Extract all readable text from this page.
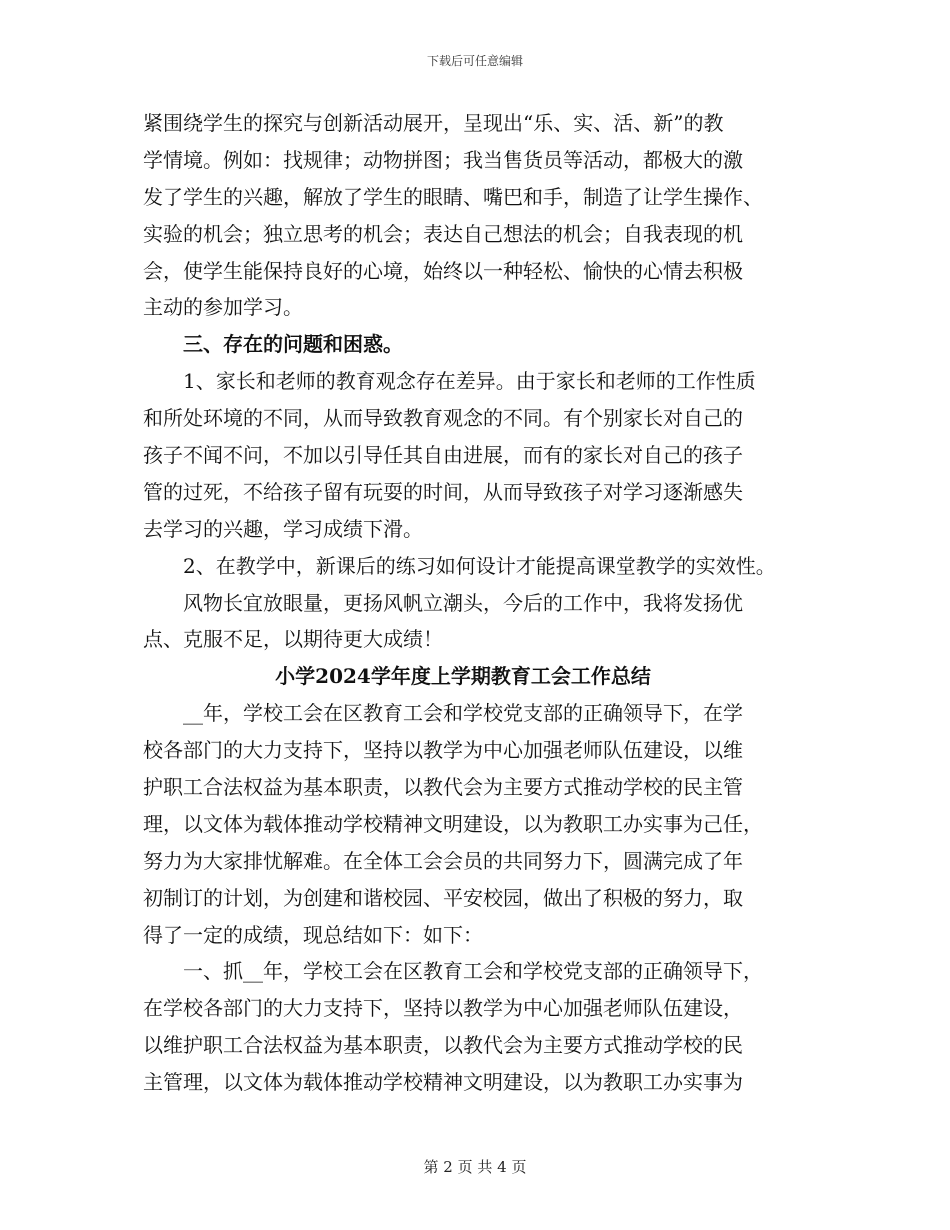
下载后可任意编辑
紧围绕学生的探究与创新活动展开，呈现出“乐、实、活、新”的教
学情境。例如：找规律；动物拼图；我当售货员等活动，都极大的激
发了学生的兴趣，解放了学生的眼睛、嘴巴和手，制造了让学生操作、
实验的机会；独立思考的机会；表达自己想法的机会；自我表现的机
会，使学生能保持良好的心境，始终以一种轻松、愉快的心情去积极
主动的参加学习。
三、存在的问题和困惑。
1、家长和老师的教育观念存在差异。由于家长和老师的工作性质
和所处环境的不同，从而导致教育观念的不同。有个别家长对自己的
孩子不闻不问，不加以引导任其自由进展，而有的家长对自己的孩子
管的过死，不给孩子留有玩耍的时间，从而导致孩子对学习逐渐感失
去学习的兴趣，学习成绩下滑。
2、在教学中，新课后的练习如何设计才能提高课堂教学的实效性。
风物长宜放眼量，更扬风帆立潮头，今后的工作中，我将发扬优
点、克服不足，以期待更大成绩！
小学2024学年度上学期教育工会工作总结
__年，学校工会在区教育工会和学校党支部的正确领导下，在学
校各部门的大力支持下，坚持以教学为中心加强老师队伍建设，以维
护职工合法权益为基本职责，以教代会为主要方式推动学校的民主管
理，以文体为载体推动学校精神文明建设，以为教职工办实事为己任，
努力为大家排忧解难。在全体工会会员的共同努力下，圆满完成了年
初制订的计划，为创建和谐校园、平安校园，做出了积极的努力，取
得了一定的成绩，现总结如下：如下：
一、抓__年，学校工会在区教育工会和学校党支部的正确领导下，
在学校各部门的大力支持下，坚持以教学为中心加强老师队伍建设，
以维护职工合法权益为基本职责，以教代会为主要方式推动学校的民
主管理，以文体为载体推动学校精神文明建设，以为教职工办实事为
第 2 页 共 4 页
